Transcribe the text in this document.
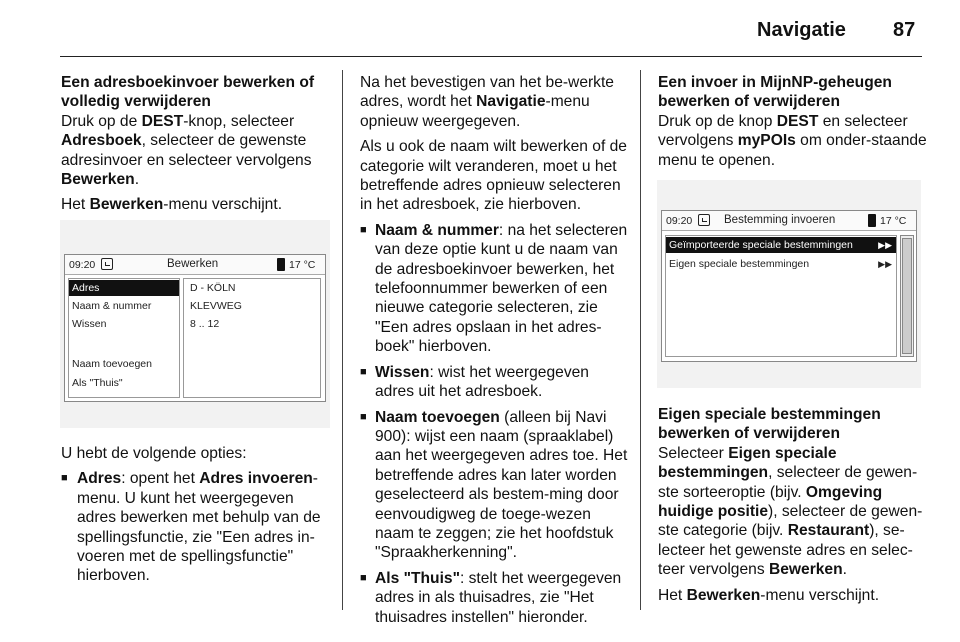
Navigatie 87

Een adresboekinvoer bewerken of volledig verwijderen

Druk op de DEST-knop, selecteer Adresboek, selecteer de gewenste adresinvoer en selecteer vervolgens Bewerken.

Het Bewerken-menu verschijnt.

U hebt de volgende opties:

■ Adres: opent het Adres invoeren-menu. U kunt het weergegeven adres bewerken met behulp van de spellingsfunctie, zie "Een adres in-voeren met de spellingsfunctie" hierboven.
09:20	Bewerken	17 °C
Adres
Naam & nummer
Wissen
Naam toevoegen
Als "Thuis"
D - KÖLN
KLEVWEG
8 .. 12

Na het bevestigen van het be-werkte adres, wordt het Navigatie-menu opnieuw weergegeven.

Als u ook de naam wilt bewerken of de categorie wilt veranderen, moet u het betreffende adres opnieuw selecteren in het adresboek, zie hierboven.

■ Naam & nummer: na het selecteren van deze optie kunt u de naam van de adresboekinvoer bewerken, het telefoonnummer bewerken of een nieuwe categorie selecteren, zie "Een adres opslaan in het adres-boek" hierboven.
■ Wissen: wist het weergegeven adres uit het adresboek.
■ Naam toevoegen (alleen bij Navi 900): wijst een naam (spraaklabel) aan het weergegeven adres toe. Het betreffende adres kan later worden geselecteerd als bestem-ming door eenvoudigweg de toege-wezen naam te zeggen; zie het hoofdstuk "Spraakherkenning".
■ Als "Thuis": stelt het weergegeven adres in als thuisadres, zie "Het thuisadres instellen" hieronder.

Een invoer in MijnNP-geheugen bewerken of verwijderen

Druk op de knop DEST en selecteer vervolgens myPOIs om onder-staande menu te openen.

09:20	Bestemming invoeren	17 °C
Geïmporteerde speciale bestemmingen	▶▶
Eigen speciale bestemmingen	▶▶

Eigen speciale bestemmingen bewerken of verwijderen

Selecteer Eigen speciale bestemmingen, selecteer de gewen-ste sorteeroptie (bijv. Omgeving huidige positie), selecteer de gewen-ste categorie (bijv. Restaurant), se-lecteer het gewenste adres en selec-teer vervolgens Bewerken.

Het Bewerken-menu verschijnt.
